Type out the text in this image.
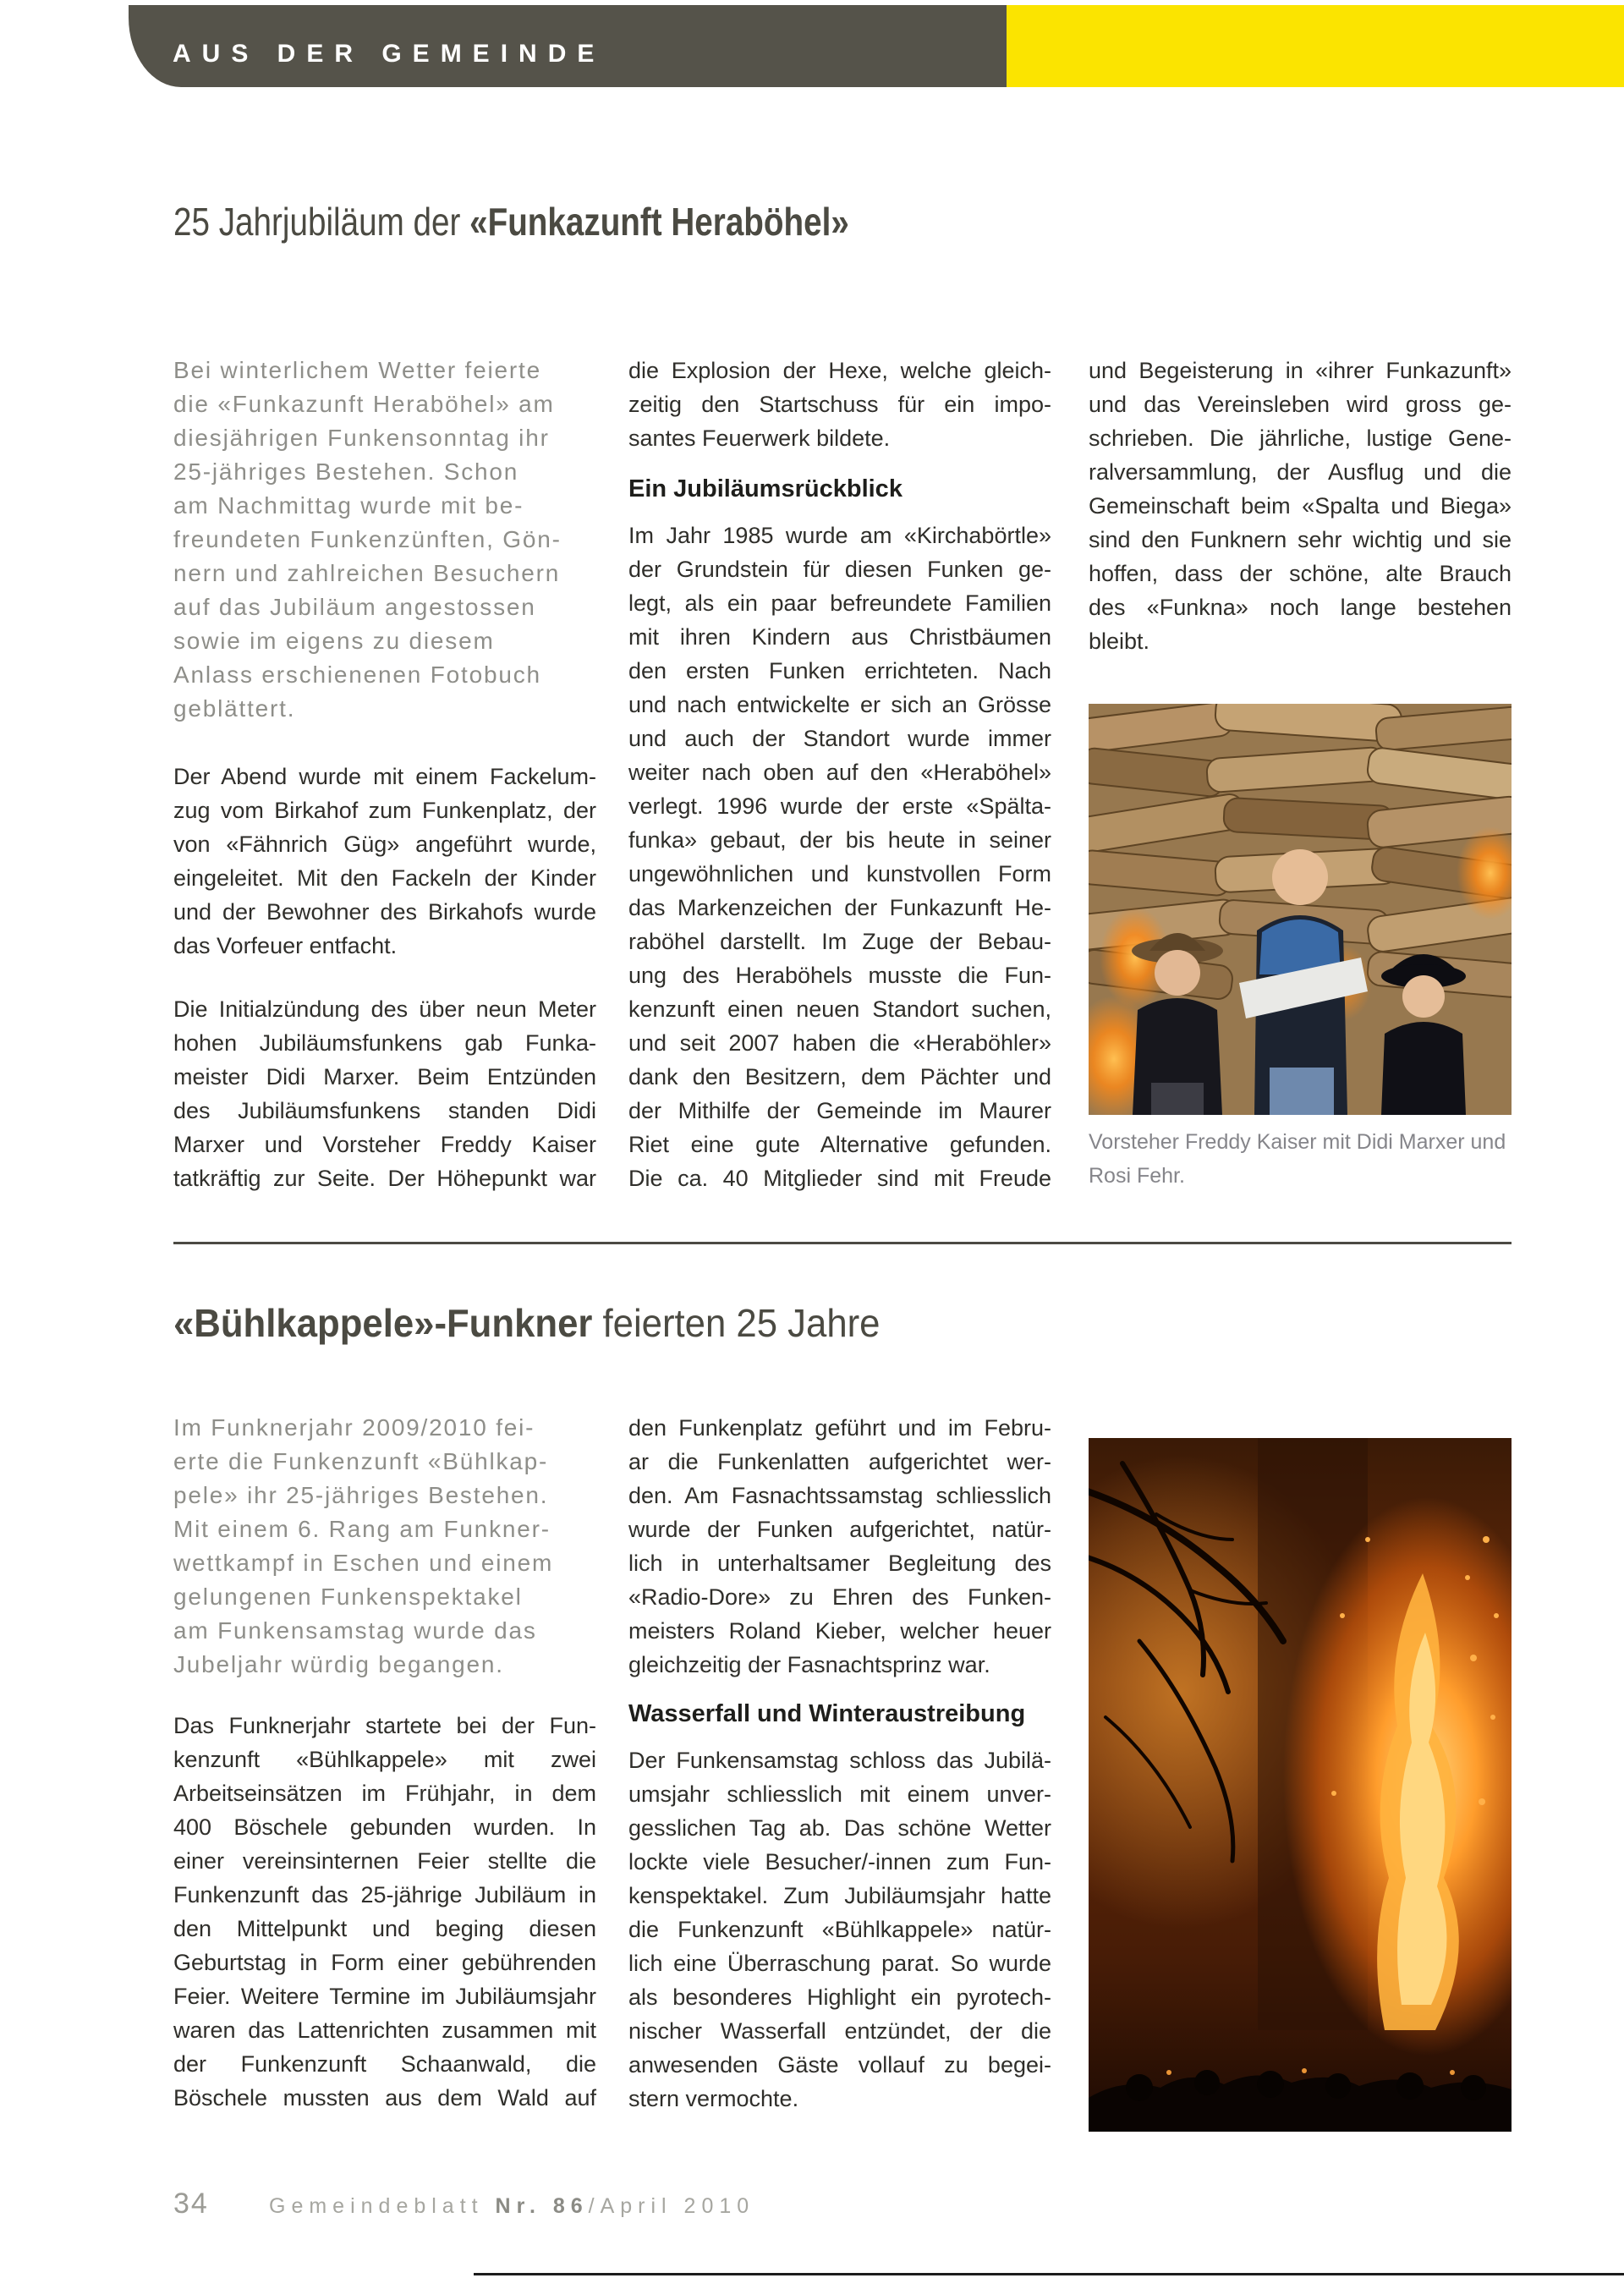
AUS DER GEMEINDE
25 Jahrjubiläum der «Funkazunft Heraböhel»
Bei winterlichem Wetter feierte
die «Funkazunft Heraböhel» am
diesjährigen Funkensonntag ihr
25-jähriges Bestehen. Schon
am Nachmittag wurde mit be-
freundeten Funkenzünften, Gön-
nern und zahlreichen Besuchern
auf das Jubiläum angestossen
sowie im eigens zu diesem
Anlass erschienenen Fotobuch
geblättert.
Der Abend wurde mit einem Fackelum-
zug vom Birkahof zum Funkenplatz, der
von «Fähnrich Güg» angeführt wurde,
eingeleitet. Mit den Fackeln der Kinder
und der Bewohner des Birkahofs wurde
das Vorfeuer entfacht.
Die Initialzündung des über neun Meter
hohen Jubiläumsfunkens gab Funka-
meister Didi Marxer. Beim Entzünden
des Jubiläumsfunkens standen Didi
Marxer und Vorsteher Freddy Kaiser
tatkräftig zur Seite. Der Höhepunkt war
die Explosion der Hexe, welche gleich-
zeitig den Startschuss für ein impo-
santes Feuerwerk bildete.
Ein Jubiläumsrückblick
Im Jahr 1985 wurde am «Kirchabörtle»
der Grundstein für diesen Funken ge-
legt, als ein paar befreundete Familien
mit ihren Kindern aus Christbäumen
den ersten Funken errichteten. Nach
und nach entwickelte er sich an Grösse
und auch der Standort wurde immer
weiter nach oben auf den «Heraböhel»
verlegt. 1996 wurde der erste «Spälta-
funka» gebaut, der bis heute in seiner
ungewöhnlichen und kunstvollen Form
das Markenzeichen der Funkazunft He-
raböhel darstellt. Im Zuge der Bebau-
ung des Heraböhels musste die Fun-
kenzunft einen neuen Standort suchen,
und seit 2007 haben die «Heraböhler»
dank den Besitzern, dem Pächter und
der Mithilfe der Gemeinde im Maurer
Riet eine gute Alternative gefunden.
Die ca. 40 Mitglieder sind mit Freude
und Begeisterung in «ihrer Funkazunft»
und das Vereinsleben wird gross ge-
schrieben. Die jährliche, lustige Gene-
ralversammlung, der Ausflug und die
Gemeinschaft beim «Spalta und Biega»
sind den Funknern sehr wichtig und sie
hoffen, dass der schöne, alte Brauch
des «Funkna» noch lange bestehen
bleibt.
Vorsteher Freddy Kaiser mit Didi Marxer und
Rosi Fehr.
«Bühlkappele»-Funkner feierten 25 Jahre
Im Funknerjahr 2009/2010 fei-
erte die Funkenzunft «Bühlkap-
pele» ihr 25-jähriges Bestehen.
Mit einem 6. Rang am Funkner-
wettkampf in Eschen und einem
gelungenen Funkenspektakel
am Funkensamstag wurde das
Jubeljahr würdig begangen.
Das Funknerjahr startete bei der Fun-
kenzunft «Bühlkappele» mit zwei
Arbeitseinsätzen im Frühjahr, in dem
400 Böschele gebunden wurden. In
einer vereinsinternen Feier stellte die
Funkenzunft das 25-jährige Jubiläum in
den Mittelpunkt und beging diesen
Geburtstag in Form einer gebührenden
Feier. Weitere Termine im Jubiläumsjahr
waren das Lattenrichten zusammen mit
der Funkenzunft Schaanwald, die
Böschele mussten aus dem Wald auf
den Funkenplatz geführt und im Febru-
ar die Funkenlatten aufgerichtet wer-
den. Am Fasnachtssamstag schliesslich
wurde der Funken aufgerichtet, natür-
lich in unterhaltsamer Begleitung des
«Radio-Dore» zu Ehren des Funken-
meisters Roland Kieber, welcher heuer
gleichzeitig der Fasnachtsprinz war.
Wasserfall und Winteraustreibung
Der Funkensamstag schloss das Jubilä-
umsjahr schliesslich mit einem unver-
gesslichen Tag ab. Das schöne Wetter
lockte viele Besucher/-innen zum Fun-
kenspektakel. Zum Jubiläumsjahr hatte
die Funkenzunft «Bühlkappele» natür-
lich eine Überraschung parat. So wurde
als besonderes Highlight ein pyrotech-
nischer Wasserfall entzündet, der die
anwesenden Gäste vollauf zu begei-
stern vermochte.
34	Gemeindeblatt Nr. 86/April 2010
